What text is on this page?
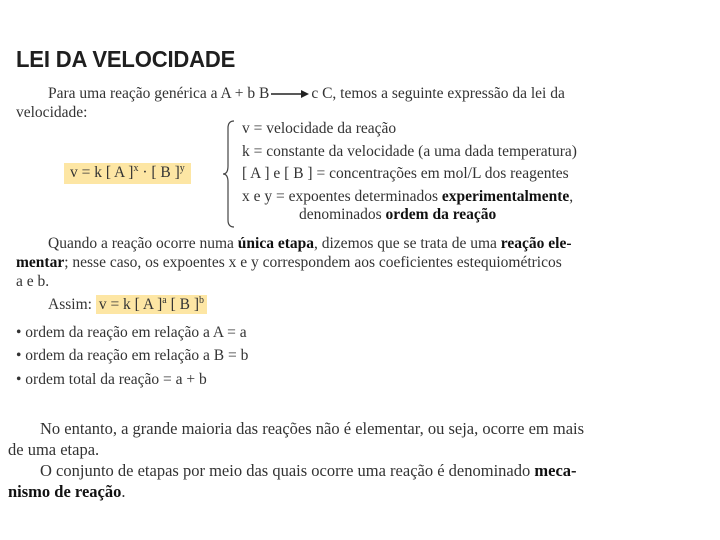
LEI DA VELOCIDADE
Para uma reação genérica a A + b B → c C, temos a seguinte expressão da lei da
velocidade:
v = k [ A ]$^x$ · [ B ]$^y$
v = velocidade da reação
k = constante da velocidade (a uma dada temperatura)
[ A ] e [ B ] = concentrações em mol/L dos reagentes
x e y = expoentes determinados experimentalmente,
denominados ordem da reação
Quando a reação ocorre numa única etapa, dizemos que se trata de uma reação ele-
mentar; nesse caso, os expoentes x e y correspondem aos coeficientes estequiométricos
a e b.
Assim: v = k [ A ]$^a$ [ B ]$^b$
• ordem da reação em relação a A = a
• ordem da reação em relação a B = b
• ordem total da reação = a + b
No entanto, a grande maioria das reações não é elementar, ou seja, ocorre em mais
de uma etapa.
O conjunto de etapas por meio das quais ocorre uma reação é denominado meca-
nismo de reação.
